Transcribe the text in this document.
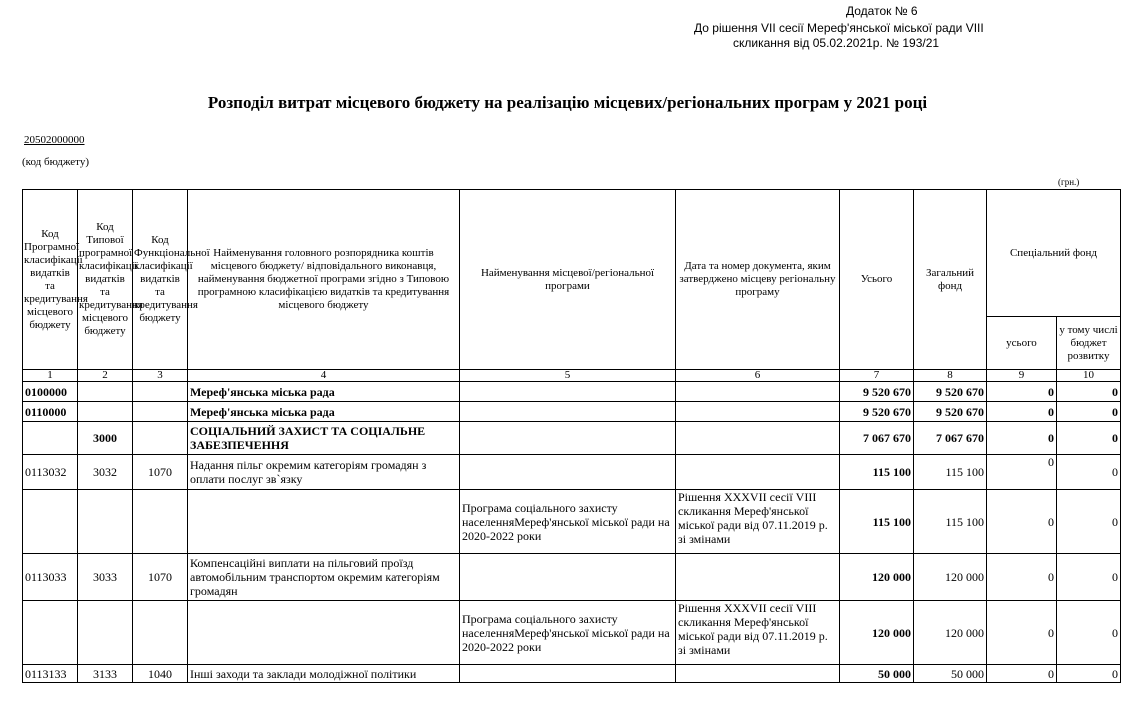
Додаток № 6
До рішення VII сесії Мереф'янської міської ради VIII
скликання від 05.02.2021р. № 193/21
Розподіл витрат місцевого бюджету на реалізацію місцевих/регіональних програм у 2021 році
20502000000
(код бюджету)
(грн.)
Код Програмної класифікації видатків та кредитування місцевого бюджету	Код Типової програмної класифікації видатків та кредитування місцевого бюджету	Код Функціональної класифікації видатків та кредитування бюджету	Найменування головного розпорядника коштів місцевого бюджету/ відповідального виконавця, найменування бюджетної програми згідно з Типовою програмною класифікацією видатків та кредитування місцевого бюджету	Найменування місцевої/регіональної програми	Дата та номер документа, яким затверджено місцеву регіональну програму	Усього	Загальний фонд	Спеціальний фонд	
								усього	у тому числі бюджет розвитку
1	2	3	4	5	6	7	8	9	10
0100000			Мереф'янська міська рада			9 520 670	9 520 670	0	0
0110000			Мереф'янська міська рада			9 520 670	9 520 670	0	0
	3000		СОЦІАЛЬНИЙ ЗАХИСТ ТА СОЦІАЛЬНЕ ЗАБЕЗПЕЧЕННЯ			7 067 670	7 067 670	0	0
0113032	3032	1070	Надання пільг окремим категоріям громадян з оплати послуг зв`язку			115 100	115 100	0	0
				Програма соціального захисту населенняМереф'янської міської ради на 2020-2022 роки	Рішення XXXVII сесії VIII скликання Мереф'янської міської ради від 07.11.2019 р. зі змінами	115 100	115 100	0	0
0113033	3033	1070	Компенсаційні виплати на пільговий проїзд автомобільним транспортом окремим категоріям громадян			120 000	120 000	0	0
				Програма соціального захисту населенняМереф'янської міської ради на 2020-2022 роки	Рішення XXXVII сесії VIII скликання Мереф'янської міської ради від 07.11.2019 р. зі змінами	120 000	120 000	0	0
0113133	3133	1040	Інші заходи та заклади молодіжної політики			50 000	50 000	0	0
